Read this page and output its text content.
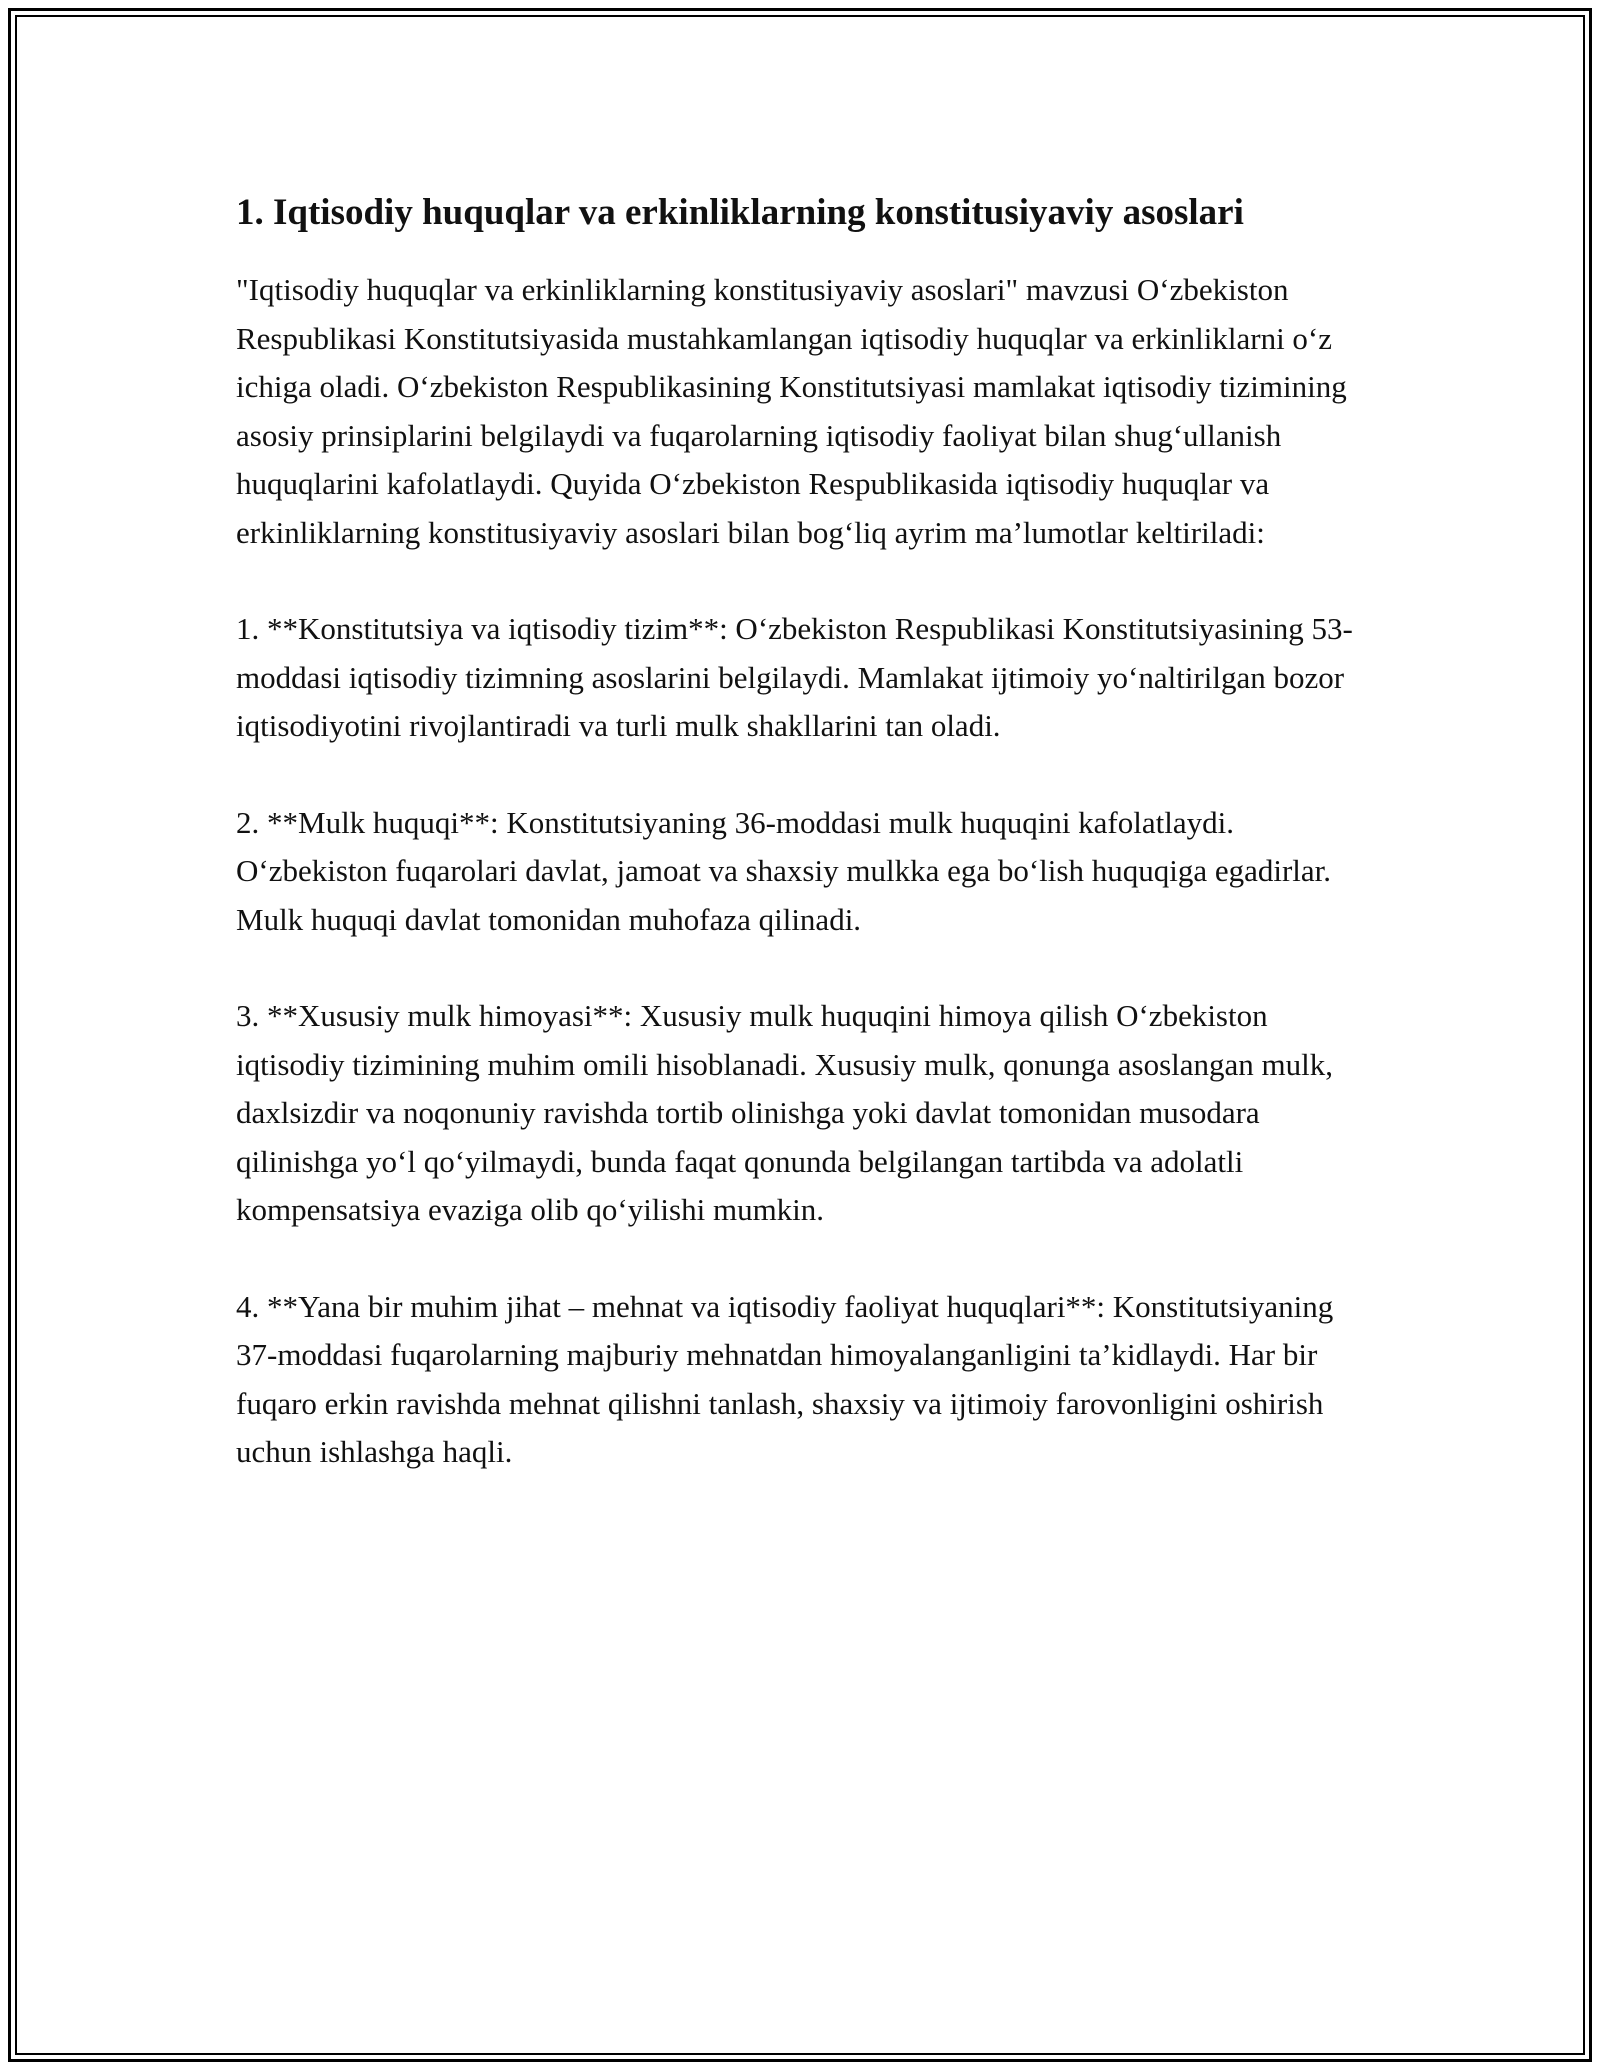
1. Iqtisodiy huquqlar va erkinliklarning konstitusiyaviy asoslari

"Iqtisodiy huquqlar va erkinliklarning konstitusiyaviy asoslari" mavzusi O‘zbekiston Respublikasi Konstitutsiyasida mustahkamlangan iqtisodiy huquqlar va erkinliklarni o‘z ichiga oladi. O‘zbekiston Respublikasining Konstitutsiyasi mamlakat iqtisodiy tizimining asosiy prinsiplarini belgilaydi va fuqarolarning iqtisodiy faoliyat bilan shug‘ullanish huquqlarini kafolatlaydi. Quyida O‘zbekiston Respublikasida iqtisodiy huquqlar va erkinliklarning konstitusiyaviy asoslari bilan bog‘liq ayrim ma’lumotlar keltiriladi:

1. **Konstitutsiya va iqtisodiy tizim**: O‘zbekiston Respublikasi Konstitutsiyasining 53-moddasi iqtisodiy tizimning asoslarini belgilaydi. Mamlakat ijtimoiy yo‘naltirilgan bozor iqtisodiyotini rivojlantiradi va turli mulk shakllarini tan oladi.

2. **Mulk huquqi**: Konstitutsiyaning 36-moddasi mulk huquqini kafolatlaydi. O‘zbekiston fuqarolari davlat, jamoat va shaxsiy mulkka ega bo‘lish huquqiga egadirlar. Mulk huquqi davlat tomonidan muhofaza qilinadi.

3. **Xususiy mulk himoyasi**: Xususiy mulk huquqini himoya qilish O‘zbekiston iqtisodiy tizimining muhim omili hisoblanadi. Xususiy mulk, qonunga asoslangan mulk, daxlsizdir va noqonuniy ravishda tortib olinishga yoki davlat tomonidan musodara qilinishga yo‘l qo‘yilmaydi, bunda faqat qonunda belgilangan tartibda va adolatli kompensatsiya evaziga olib qo‘yilishi mumkin.

4. **Yana bir muhim jihat – mehnat va iqtisodiy faoliyat huquqlari**: Konstitutsiyaning 37-moddasi fuqarolarning majburiy mehnatdan himoyalanganligini ta’kidlaydi. Har bir fuqaro erkin ravishda mehnat qilishni tanlash, shaxsiy va ijtimoiy farovonligini oshirish uchun ishlashga haqli.
